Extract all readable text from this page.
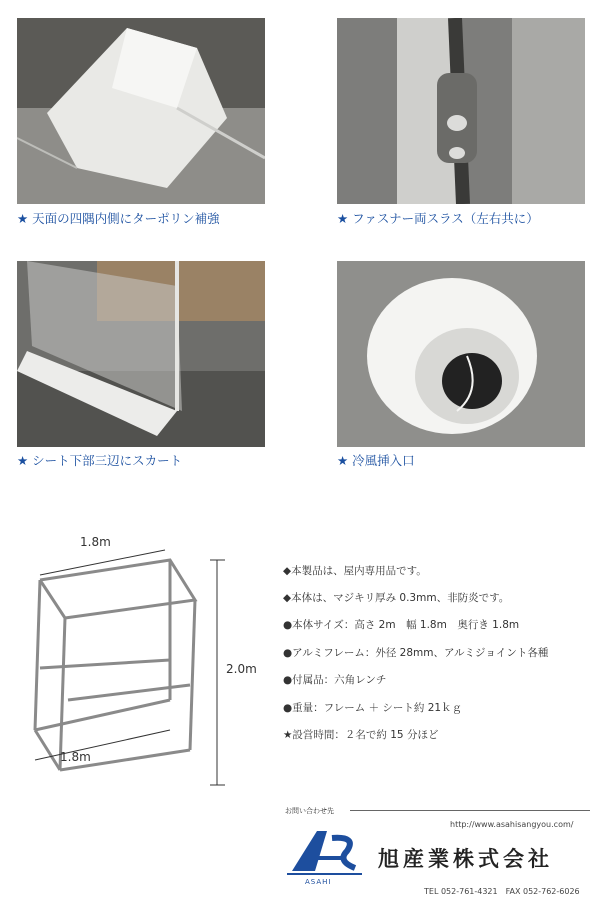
★ 天面の四隅内側にターポリン補強	★ ファスナー両スラス（左右共に）
★ シート下部三辺にスカート	★ 冷風挿入口
1.8m
1.8m
2.0m
◆本製品は、屋内専用品です。
◆本体は、マジキリ厚み 0.3mm、非防炎です。
●本体サイズ：高さ 2m　幅 1.8m　奥行き 1.8m
●アルミフレーム：外径 28mm、アルミジョイント各種
●付属品：六角レンチ
●重量：フレーム ＋ シート約 21ｋｇ
★設営時間：２名で約 15 分ほど
お問い合わせ先
http://www.asahisangyou.com/
ASAHI
旭産業株式会社
TEL 052-761-4321　FAX 052-762-6026
